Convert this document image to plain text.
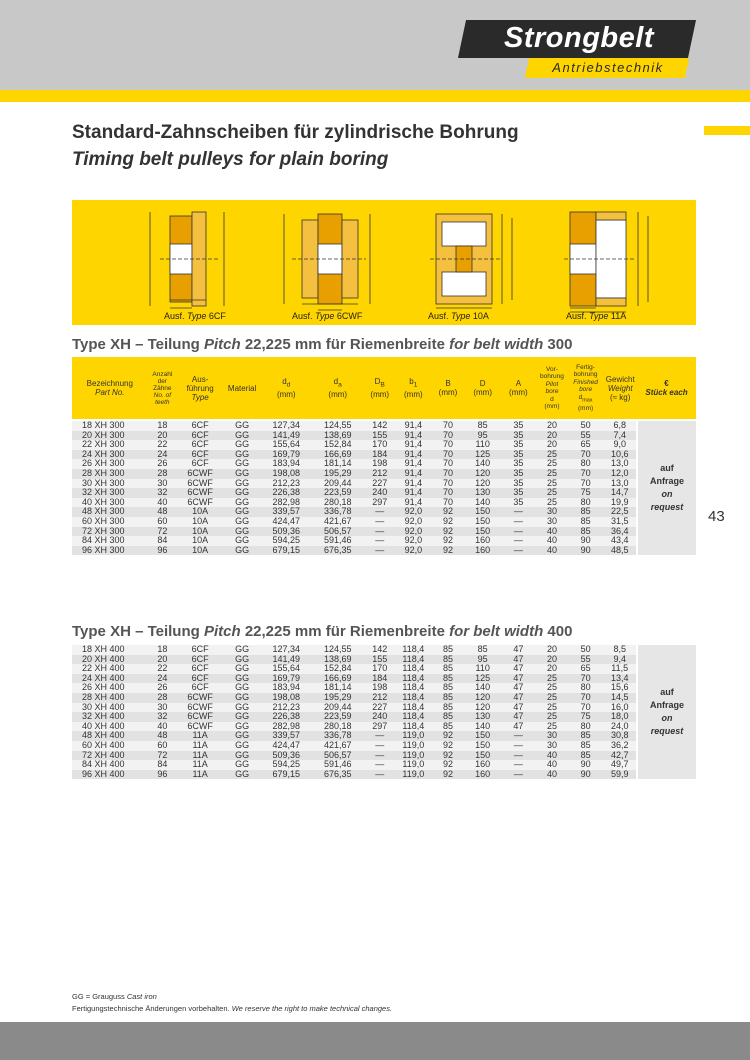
Strongbelt
Antriebstechnik
43
Standard-Zahnscheiben für zylindrische Bohrung
Timing belt pulleys for plain boring
Ausf. Type 6CF	Ausf. Type 6CWF	Ausf. Type 10A	Ausf. Type 11A
Type XH – Teilung Pitch 22,225 mm für Riemenbreite for belt width 300
Bezeichnung
Part No.	Anzahl
der
Zähne
No. of
teeth	Aus-
führung
Type	Material	$d_d$
(mm)	$d_a$
(mm)	$D_B$
(mm)	$b_1$
(mm)	B
(mm)	D
(mm)	A
(mm)	Vor-
bohrung
Pilot
bore
d
(mm)	Fertig-
bohrung
Finished
bore
$d_{max}$
(mm)	Gewicht
Weight
(≈ kg)	€
Stück each
18 XH 300	18	6CF	GG	127,34	124,55	142	91,4	70	85	35	20	50	6,8	auf
Anfrage
on
request
20 XH 300	20	6CF	GG	141,49	138,69	155	91,4	70	95	35	20	55	7,4	
22 XH 300	22	6CF	GG	155,64	152,84	170	91,4	70	110	35	20	65	9,0	
24 XH 300	24	6CF	GG	169,79	166,69	184	91,4	70	125	35	25	70	10,6	
26 XH 300	26	6CF	GG	183,94	181,14	198	91,4	70	140	35	25	80	13,0	
28 XH 300	28	6CWF	GG	198,08	195,29	212	91,4	70	120	35	25	70	12,0	
30 XH 300	30	6CWF	GG	212,23	209,44	227	91,4	70	120	35	25	70	13,0	
32 XH 300	32	6CWF	GG	226,38	223,59	240	91,4	70	130	35	25	75	14,7	
40 XH 300	40	6CWF	GG	282,98	280,18	297	91,4	70	140	35	25	80	19,9	
48 XH 300	48	10A	GG	339,57	336,78	—	92,0	92	150	—	30	85	22,5	
60 XH 300	60	10A	GG	424,47	421,67	—	92,0	92	150	—	30	85	31,5	
72 XH 300	72	10A	GG	509,36	506,57	—	92,0	92	150	—	40	85	36,4	
84 XH 300	84	10A	GG	594,25	591,46	—	92,0	92	160	—	40	90	43,4	
96 XH 300	96	10A	GG	679,15	676,35	—	92,0	92	160	—	40	90	48,5	
Type XH – Teilung Pitch 22,225 mm für Riemenbreite for belt width 400
18 XH 400	18	6CF	GG	127,34	124,55	142	118,4	85	85	47	20	50	8,5	auf
Anfrage
on
request
20 XH 400	20	6CF	GG	141,49	138,69	155	118,4	85	95	47	20	55	9,4	
22 XH 400	22	6CF	GG	155,64	152,84	170	118,4	85	110	47	20	65	11,5	
24 XH 400	24	6CF	GG	169,79	166,69	184	118,4	85	125	47	25	70	13,4	
26 XH 400	26	6CF	GG	183,94	181,14	198	118,4	85	140	47	25	80	15,6	
28 XH 400	28	6CWF	GG	198,08	195,29	212	118,4	85	120	47	25	70	14,5	
30 XH 400	30	6CWF	GG	212,23	209,44	227	118,4	85	120	47	25	70	16,0	
32 XH 400	32	6CWF	GG	226,38	223,59	240	118,4	85	130	47	25	75	18,0	
40 XH 400	40	6CWF	GG	282,98	280,18	297	118,4	85	140	47	25	80	24,0	
48 XH 400	48	11A	GG	339,57	336,78	—	119,0	92	150	—	30	85	30,8	
60 XH 400	60	11A	GG	424,47	421,67	—	119,0	92	150	—	30	85	36,2	
72 XH 400	72	11A	GG	509,36	506,57	—	119,0	92	150	—	40	85	42,7	
84 XH 400	84	11A	GG	594,25	591,46	—	119,0	92	160	—	40	90	49,7	
96 XH 400	96	11A	GG	679,15	676,35	—	119,0	92	160	—	40	90	59,9	
GG = Grauguss Cast iron
Fertigungstechnische Änderungen vorbehalten. We reserve the right to make technical changes.
